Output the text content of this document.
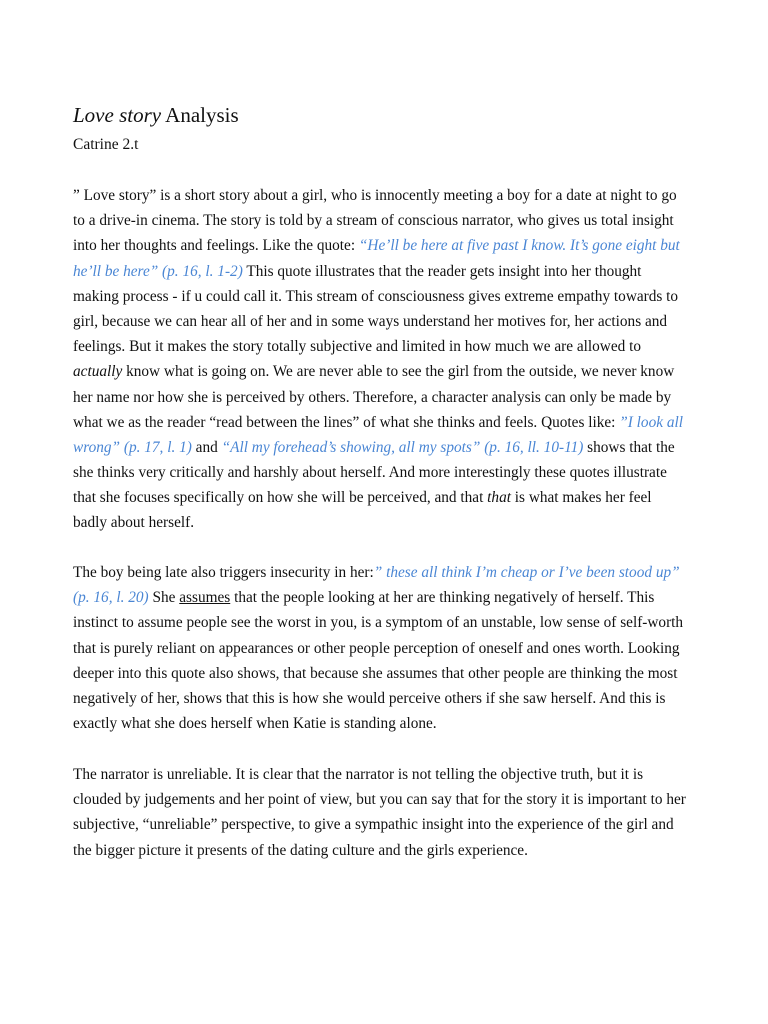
Love story Analysis

Catrine 2.t

” Love story” is a short story about a girl, who is innocently meeting a boy for a date at night to go
to a drive-in cinema. The story is told by a stream of conscious narrator, who gives us total insight
into her thoughts and feelings. Like the quote: “He’ll be here at five past I know. It’s gone eight but
he’ll be here” (p. 16, l. 1-2) This quote illustrates that the reader gets insight into her thought
making process - if u could call it. This stream of consciousness gives extreme empathy towards to
girl, because we can hear all of her and in some ways understand her motives for, her actions and
feelings. But it makes the story totally subjective and limited in how much we are allowed to
actually know what is going on. We are never able to see the girl from the outside, we never know
her name nor how she is perceived by others. Therefore, a character analysis can only be made by
what we as the reader “read between the lines” of what she thinks and feels. Quotes like: ”I look all
wrong” (p. 17, l. 1) and “All my forehead’s showing, all my spots” (p. 16, ll. 10-11) shows that the
she thinks very critically and harshly about herself. And more interestingly these quotes illustrate
that she focuses specifically on how she will be perceived, and that that is what makes her feel
badly about herself.
The boy being late also triggers insecurity in her:” these all think I’m cheap or I’ve been stood up”
(p. 16, l. 20) She assumes that the people looking at her are thinking negatively of herself. This
instinct to assume people see the worst in you, is a symptom of an unstable, low sense of self-worth
that is purely reliant on appearances or other people perception of oneself and ones worth. Looking
deeper into this quote also shows, that because she assumes that other people are thinking the most
negatively of her, shows that this is how she would perceive others if she saw herself. And this is
exactly what she does herself when Katie is standing alone.
The narrator is unreliable. It is clear that the narrator is not telling the objective truth, but it is
clouded by judgements and her point of view, but you can say that for the story it is important to her
subjective, “unreliable” perspective, to give a sympathic insight into the experience of the girl and
the bigger picture it presents of the dating culture and the girls experience.
